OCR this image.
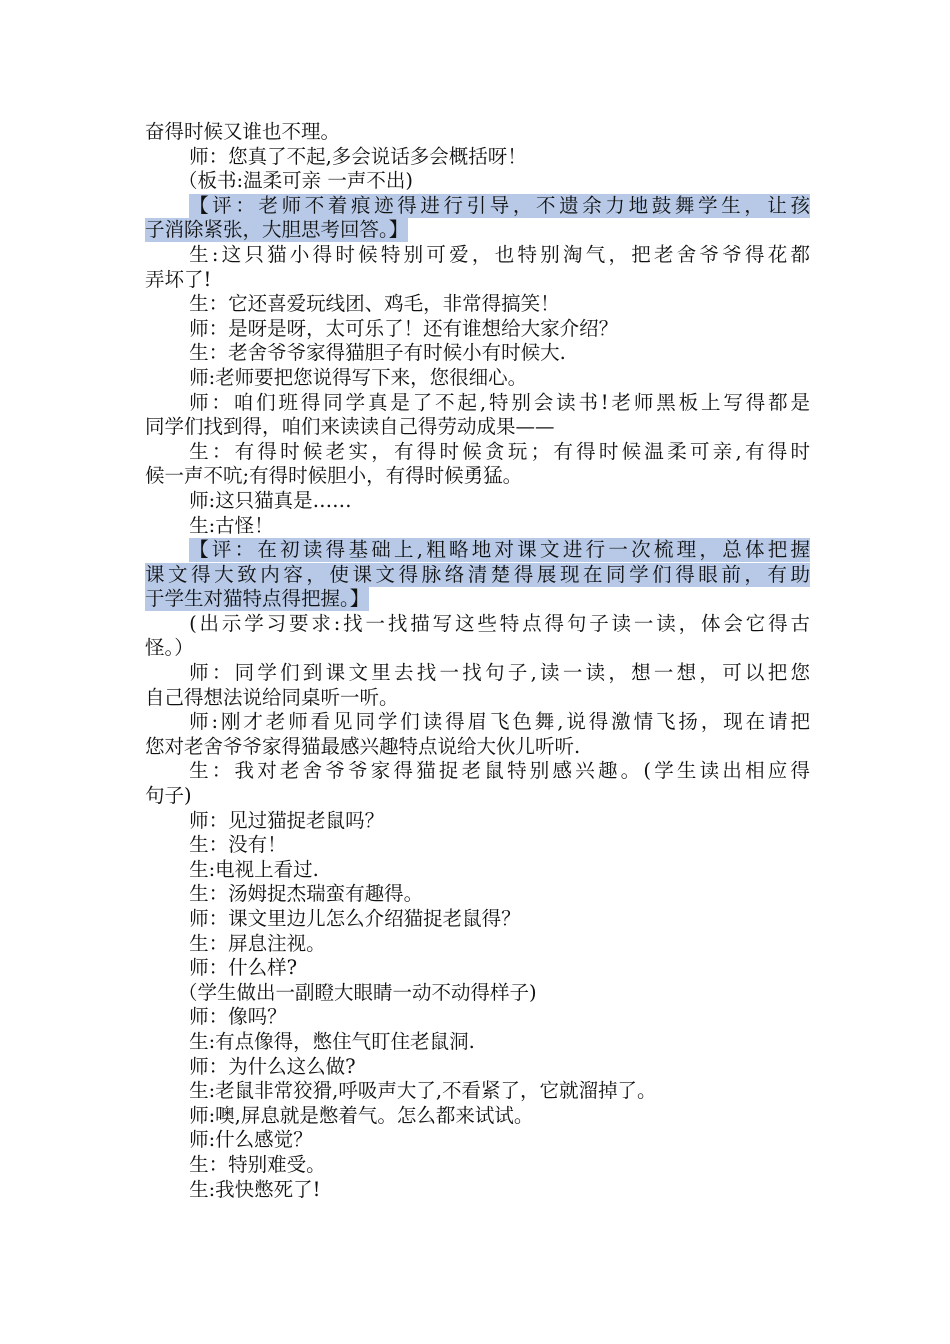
奋得时候又谁也不理。
师：您真了不起,多会说话多会概括呀！
（板书:温柔可亲 一声不出)
【评：老师不着痕迹得进行引导，不遗余力地鼓舞学生，让孩
子消除紧张，大胆思考回答。】
生:这只猫小得时候特别可爱，也特别淘气，把老舍爷爷得花都
弄坏了!
生：它还喜爱玩线团、鸡毛，非常得搞笑！
师：是呀是呀，太可乐了！还有谁想给大家介绍？
生：老舍爷爷家得猫胆子有时候小有时候大.
师:老师要把您说得写下来，您很细心。
师：咱们班得同学真是了不起,特别会读书!老师黑板上写得都是
同学们找到得，咱们来读读自己得劳动成果——
生：有得时候老实，有得时候贪玩；有得时候温柔可亲,有得时
候一声不吭;有得时候胆小，有得时候勇猛。
师:这只猫真是……
生:古怪！
【评：在初读得基础上,粗略地对课文进行一次梳理，总体把握
课文得大致内容，使课文得脉络清楚得展现在同学们得眼前，有助
于学生对猫特点得把握。】
(出示学习要求:找一找描写这些特点得句子读一读，体会它得古
怪。）
师：同学们到课文里去找一找句子,读一读，想一想，可以把您
自己得想法说给同桌听一听。
师:刚才老师看见同学们读得眉飞色舞,说得激情飞扬，现在请把
您对老舍爷爷家得猫最感兴趣特点说给大伙儿听听.
生：我对老舍爷爷家得猫捉老鼠特别感兴趣。(学生读出相应得
句子)
师：见过猫捉老鼠吗？
生：没有！
生:电视上看过.
生：汤姆捉杰瑞蛮有趣得。
师：课文里边儿怎么介绍猫捉老鼠得？
生：屏息注视。
师：什么样?
（学生做出一副瞪大眼睛一动不动得样子)
师：像吗？
生:有点像得，憋住气盯住老鼠洞.
师：为什么这么做?
生:老鼠非常狡猾,呼吸声大了,不看紧了，它就溜掉了。
师:噢,屏息就是憋着气。怎么都来试试。
师:什么感觉？
生：特别难受。
生:我快憋死了!
